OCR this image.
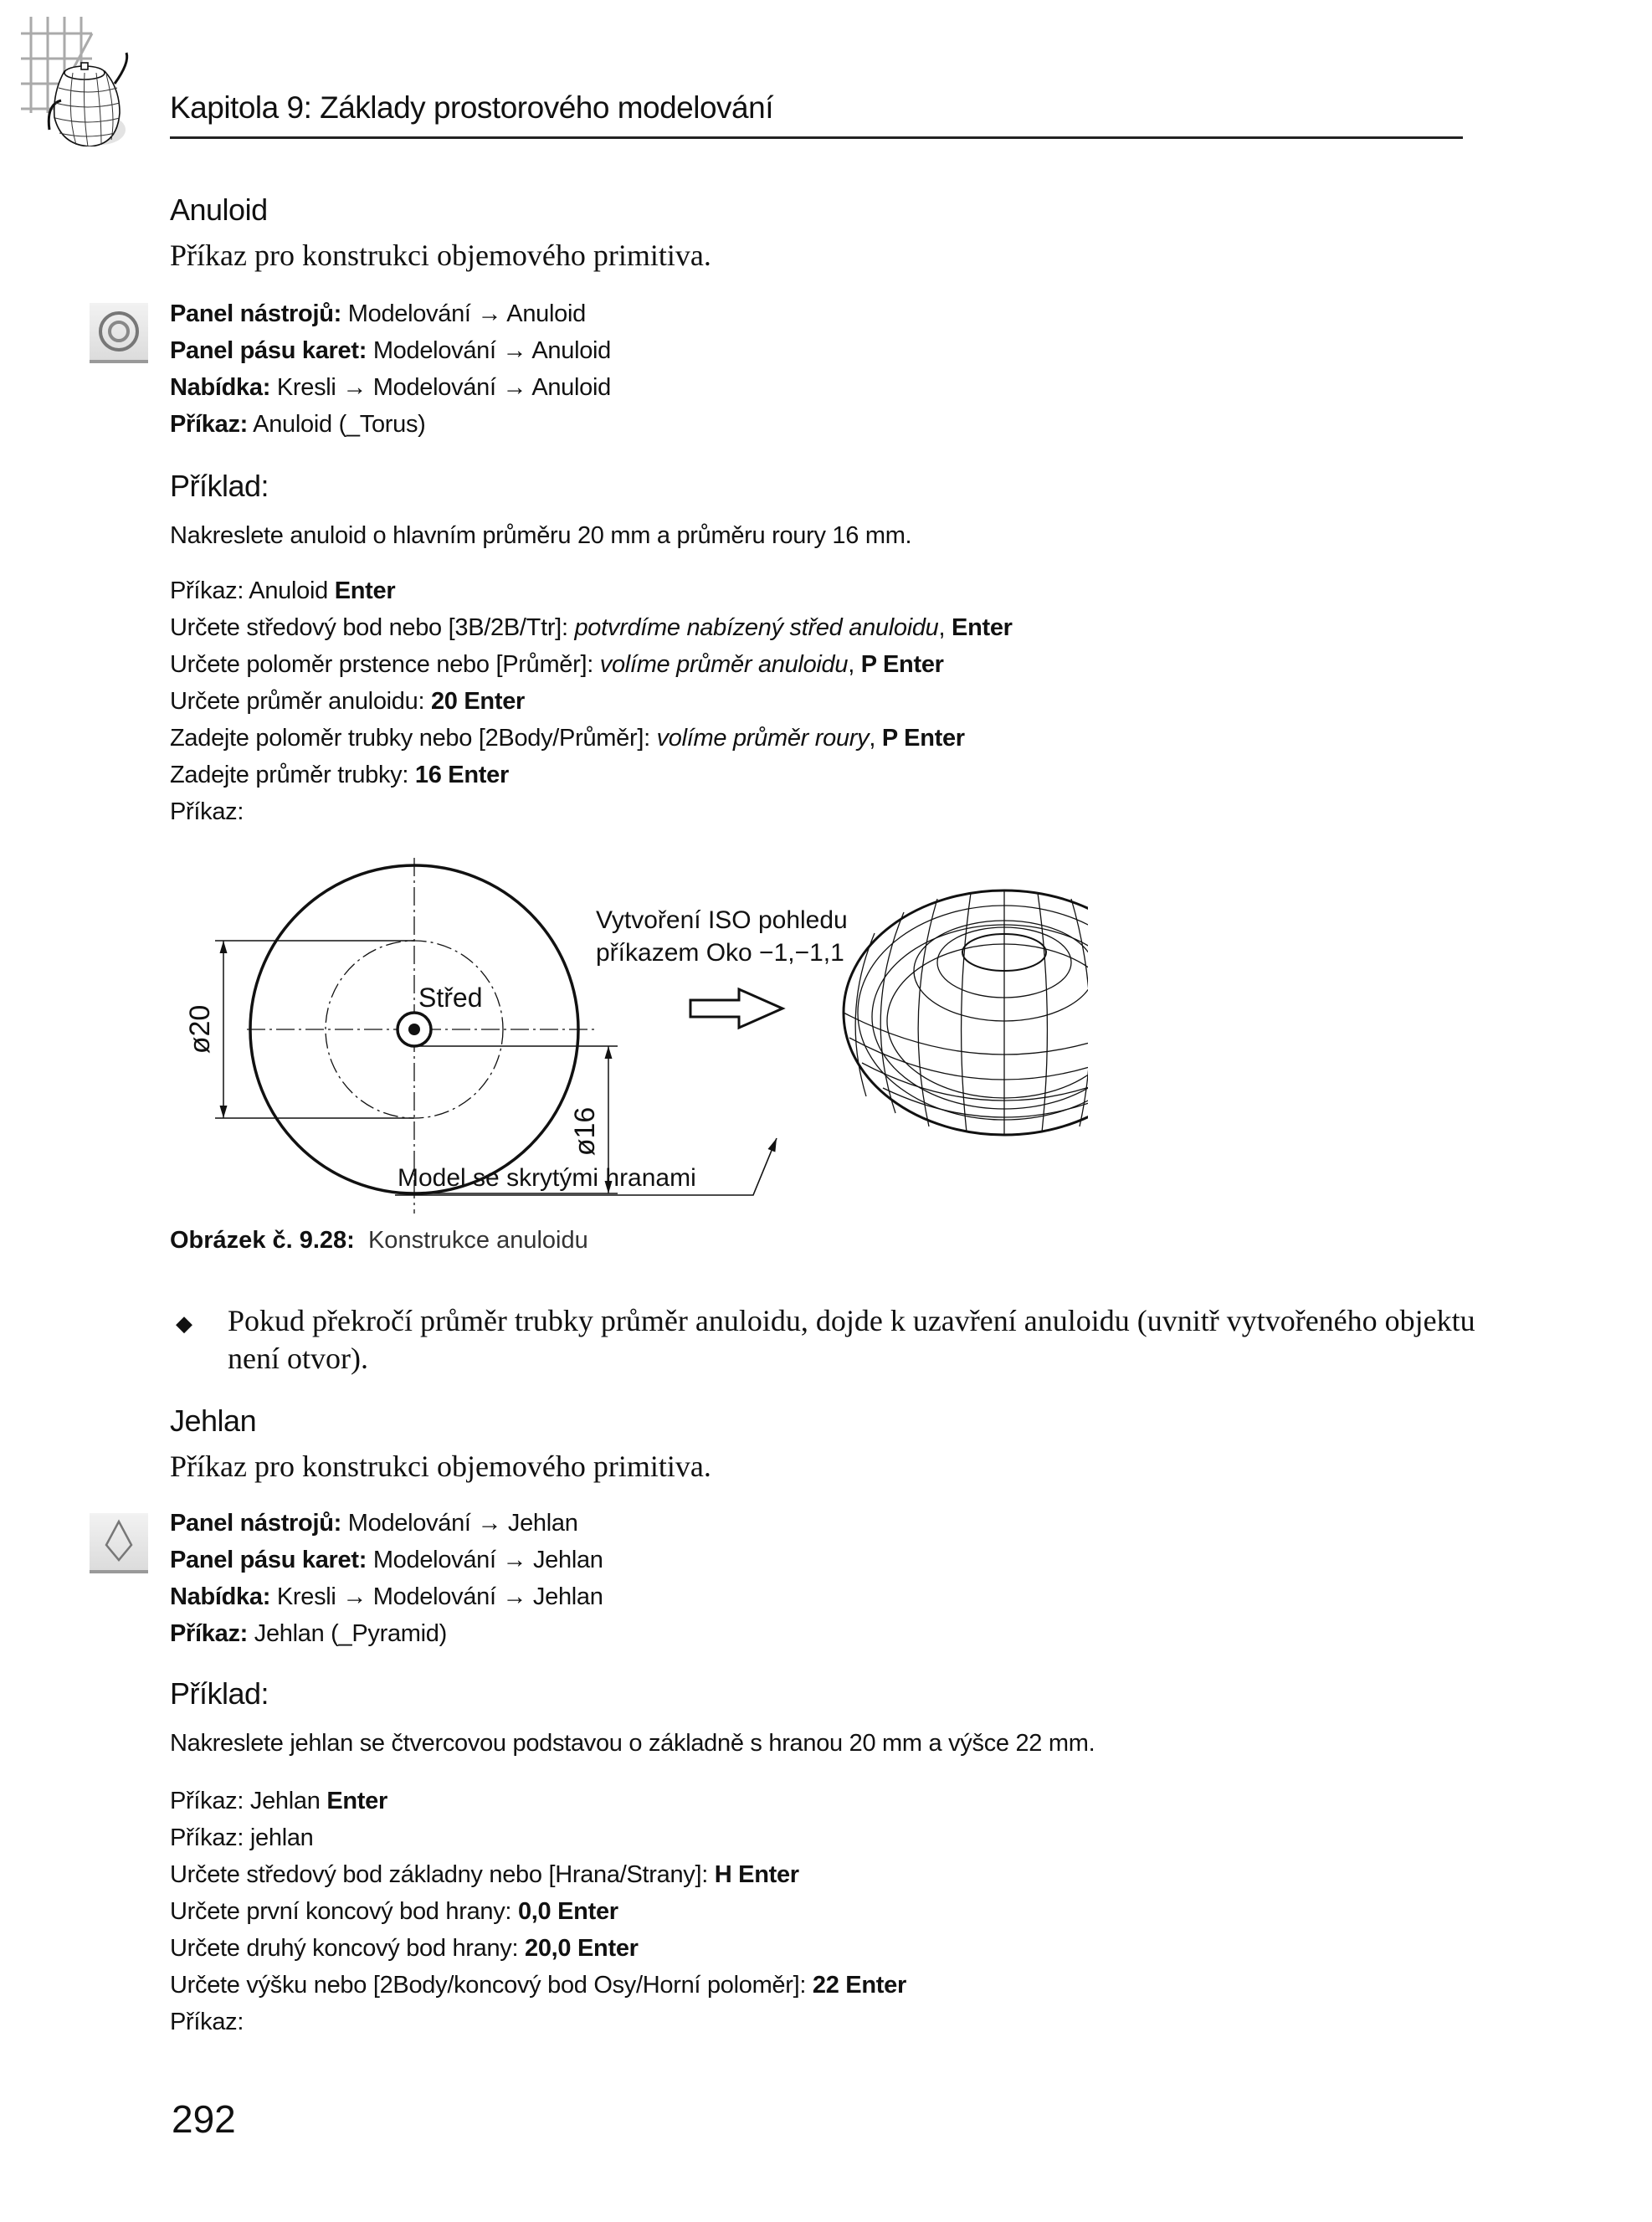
Kapitola 9: Základy prostorového modelování
Anuloid
Příkaz pro konstrukci objemového primitiva.
Panel nástrojů: Modelování → Anuloid
Panel pásu karet: Modelování → Anuloid
Nabídka: Kresli → Modelování → Anuloid
Příkaz: Anuloid (_Torus)
Příklad:
Nakreslete anuloid o hlavním průměru 20 mm a průměru roury 16 mm.
Příkaz: Anuloid Enter
Určete středový bod nebo [3B/2B/Ttr]: potvrdíme nabízený střed anuloidu, Enter
Určete poloměr prstence nebo [Průměr]: volíme průměr anuloidu, P Enter
Určete průměr anuloidu: 20 Enter
Zadejte poloměr trubky nebo [2Body/Průměr]: volíme průměr roury, P Enter
Zadejte průměr trubky: 16 Enter
Příkaz:
ø20
ø16
Střed
Vytvoření ISO pohledu
příkazem Oko −1,−1,1
Model se skrytými hranami
Obrázek č. 9.28: Konstrukce anuloidu
◆ Pokud překročí průměr trubky průměr anuloidu, dojde k uzavření anuloidu (uvnitř vytvořeného objektu není otvor).
Jehlan
Příkaz pro konstrukci objemového primitiva.
Panel nástrojů: Modelování → Jehlan
Panel pásu karet: Modelování → Jehlan
Nabídka: Kresli → Modelování → Jehlan
Příkaz: Jehlan (_Pyramid)
Příklad:
Nakreslete jehlan se čtvercovou podstavou o základně s hranou 20 mm a výšce 22 mm.
Příkaz: Jehlan Enter
Příkaz: jehlan
Určete středový bod základny nebo [Hrana/Strany]: H Enter
Určete první koncový bod hrany: 0,0 Enter
Určete druhý koncový bod hrany: 20,0 Enter
Určete výšku nebo [2Body/koncový bod Osy/Horní poloměr]: 22 Enter
Příkaz:
292
